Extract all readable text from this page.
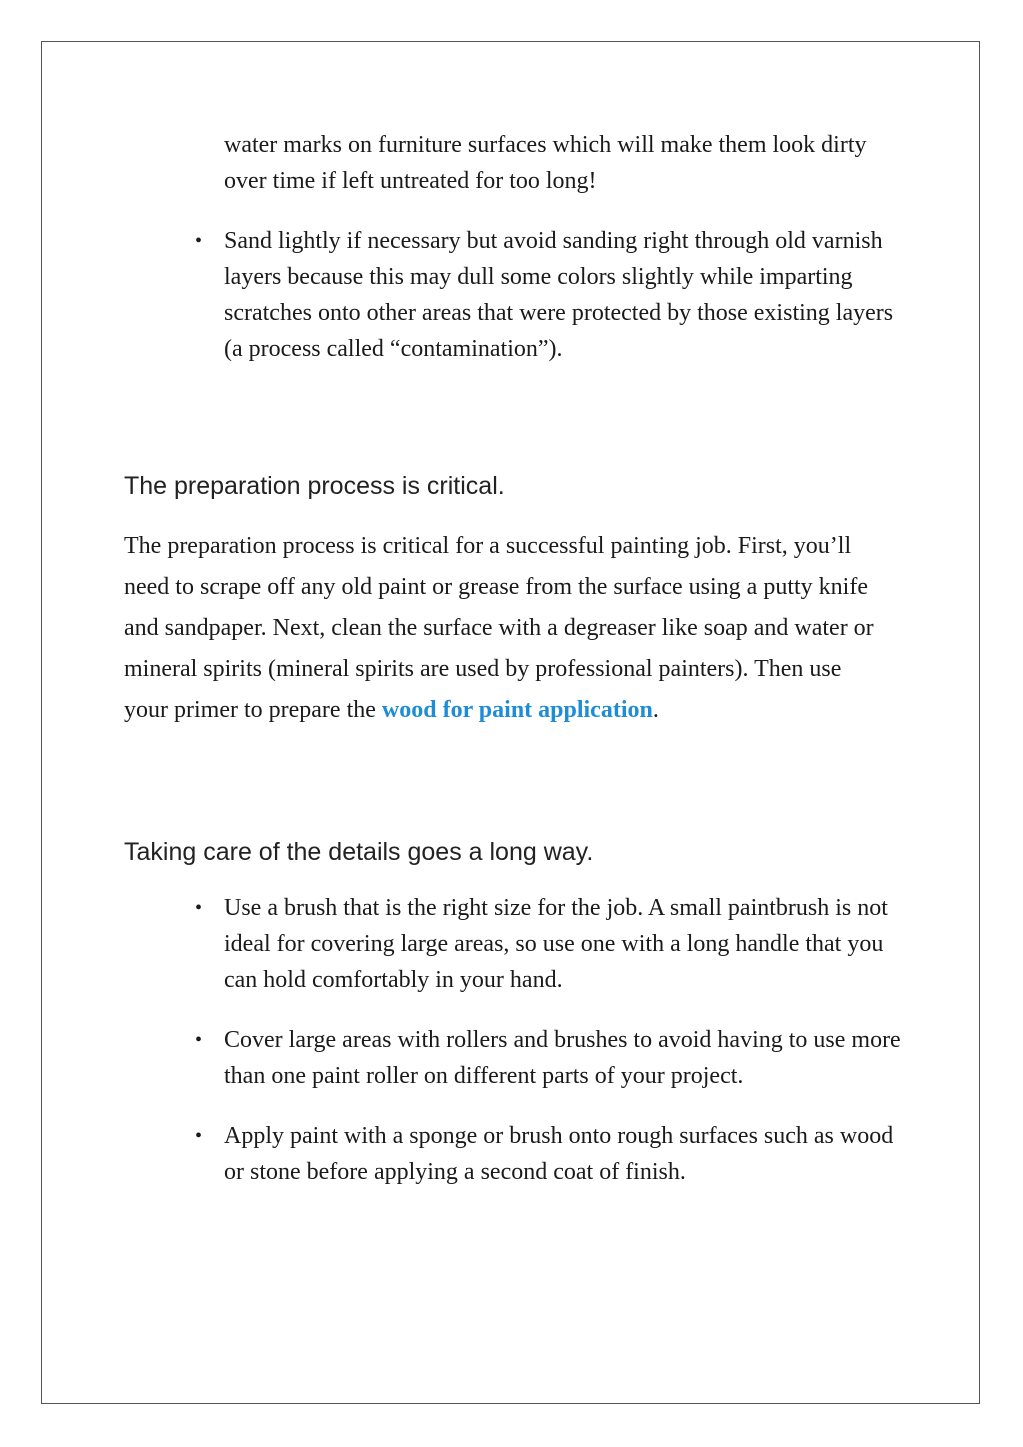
water marks on furniture surfaces which will make them look dirty over time if left untreated for too long!

• Sand lightly if necessary but avoid sanding right through old varnish layers because this may dull some colors slightly while imparting scratches onto other areas that were protected by those existing layers (a process called “contamination”).
The preparation process is critical.

The preparation process is critical for a successful painting job. First, you’ll need to scrape off any old paint or grease from the surface using a putty knife and sandpaper. Next, clean the surface with a degreaser like soap and water or mineral spirits (mineral spirits are used by professional painters). Then use your primer to prepare the wood for paint application.

Taking care of the details goes a long way.
• Use a brush that is the right size for the job. A small paintbrush is not ideal for covering large areas, so use one with a long handle that you can hold comfortably in your hand.
• Cover large areas with rollers and brushes to avoid having to use more than one paint roller on different parts of your project.
• Apply paint with a sponge or brush onto rough surfaces such as wood or stone before applying a second coat of finish.
